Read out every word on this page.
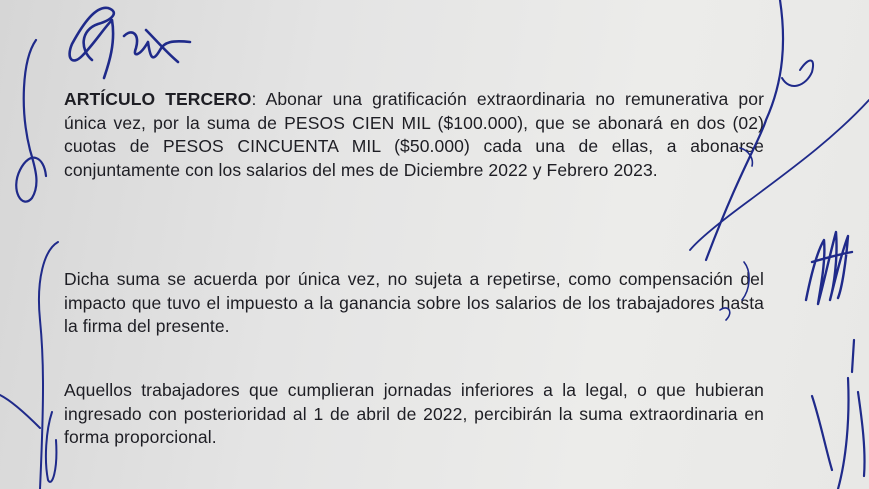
ARTÍCULO TERCERO: Abonar una gratificación extraordinaria no remunerativa por única vez, por la suma de PESOS CIEN MIL ($100.000), que se abonará en dos (02) cuotas de PESOS CINCUENTA MIL ($50.000) cada una de ellas, a abonarse conjuntamente con los salarios del mes de Diciembre 2022 y Febrero 2023.
Dicha suma se acuerda por única vez, no sujeta a repetirse, como compensación del impacto que tuvo el impuesto a la ganancia sobre los salarios de los trabajadores hasta la firma del presente.
Aquellos trabajadores que cumplieran jornadas inferiores a la legal, o que hubieran ingresado con posterioridad al 1 de abril de 2022, percibirán la suma extraordinaria en forma proporcional.
